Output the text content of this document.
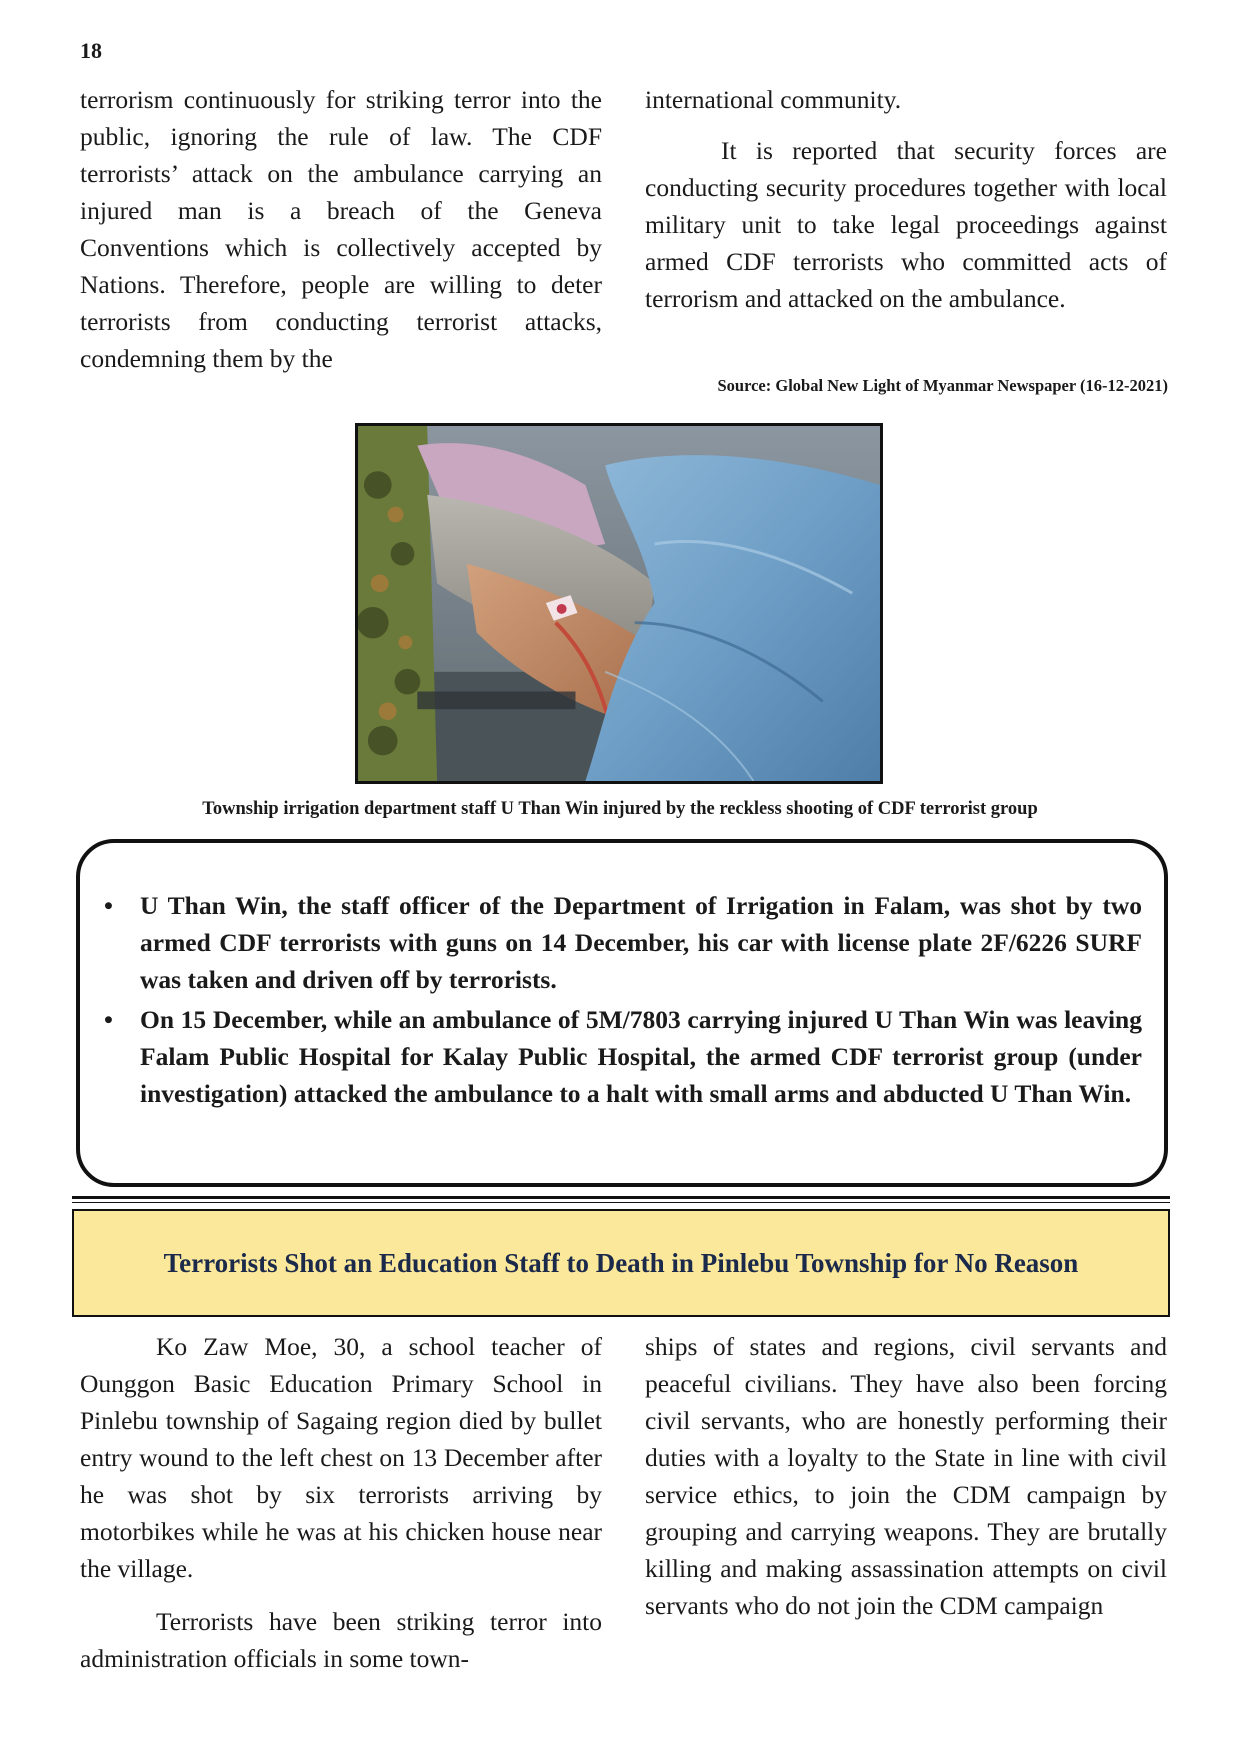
18

terrorism continuously for striking terror into the public, ignoring the rule of law. The CDF terrorists’ attack on the ambulance carrying an injured man is a breach of the Geneva Conventions which is collectively accepted by Nations. Therefore, people are willing to deter terrorists from conducting terrorist attacks, condemning them by the

international community.

It is reported that security forces are conducting security procedures together with local military unit to take legal proceedings against armed CDF terrorists who committed acts of terrorism and attacked on the ambulance.

Source: Global New Light of Myanmar Newspaper (16-12-2021)
Township irrigation department staff U Than Win injured by the reckless shooting of CDF terrorist group
• U Than Win, the staff officer of the Department of Irrigation in Falam, was shot by two armed CDF terrorists with guns on 14 December, his car with license plate 2F/6226 SURF was taken and driven off by terrorists.
• On 15 December, while an ambulance of 5M/7803 carrying injured U Than Win was leaving Falam Public Hospital for Kalay Public Hospital, the armed CDF terrorist group (under investigation) attacked the ambulance to a halt with small arms and abducted U Than Win.
Terrorists Shot an Education Staff to Death in Pinlebu Township for No Reason

Ko Zaw Moe, 30, a school teacher of Ounggon Basic Education Primary School in Pinlebu township of Sagaing region died by bullet entry wound to the left chest on 13 December after he was shot by six terrorists arriving by motorbikes while he was at his chicken house near the village.

Terrorists have been striking terror into administration officials in some town-

ships of states and regions, civil servants and peaceful civilians. They have also been forcing civil servants, who are honestly performing their duties with a loyalty to the State in line with civil service ethics, to join the CDM campaign by grouping and carrying weapons. They are brutally killing and making assassination attempts on civil servants who do not join the CDM campaign
